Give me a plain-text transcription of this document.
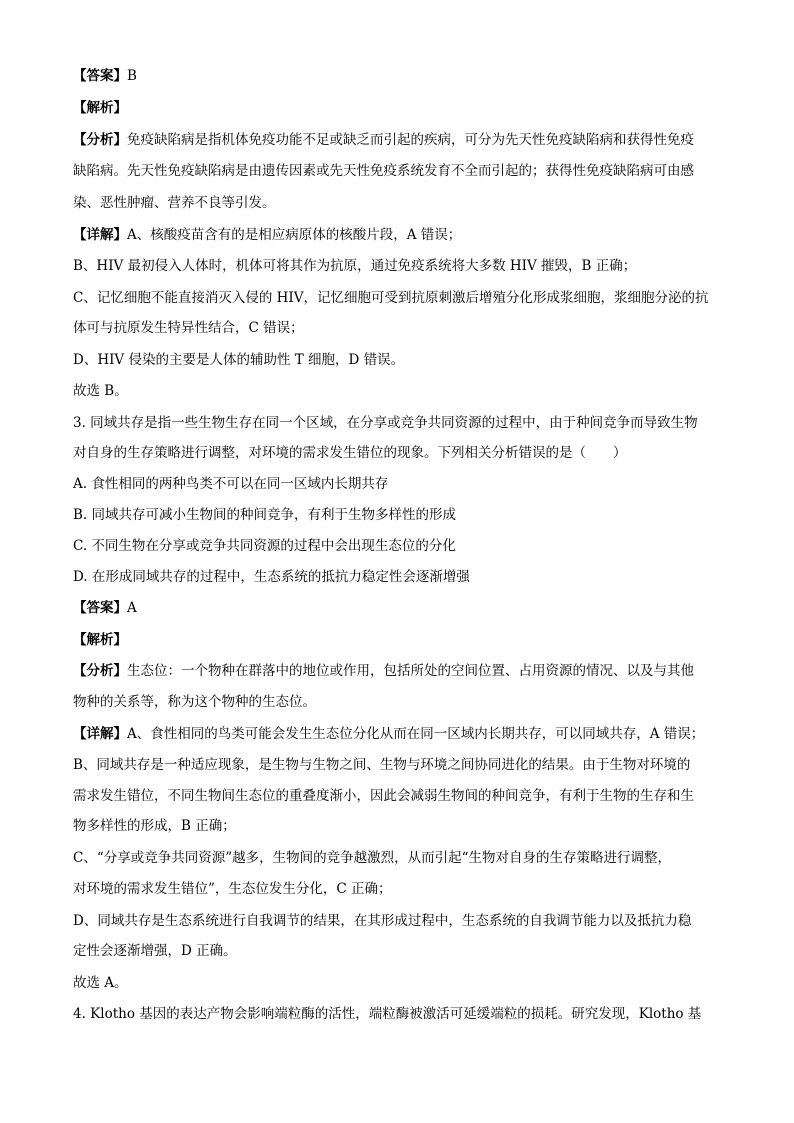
【答案】B
【解析】
【分析】免疫缺陷病是指机体免疫功能不足或缺乏而引起的疾病，可分为先天性免疫缺陷病和获得性免疫
缺陷病。先天性免疫缺陷病是由遗传因素或先天性免疫系统发育不全而引起的；获得性免疫缺陷病可由感
染、恶性肿瘤、营养不良等引发。
【详解】A、核酸疫苗含有的是相应病原体的核酸片段，A 错误；
B、HIV 最初侵入人体时，机体可将其作为抗原，通过免疫系统将大多数 HIV 摧毁，B 正确；
C、记忆细胞不能直接消灭入侵的 HIV，记忆细胞可受到抗原刺激后增殖分化形成浆细胞，浆细胞分泌的抗
体可与抗原发生特异性结合，C 错误；
D、HIV 侵染的主要是人体的辅助性 T 细胞，D 错误。
故选 B。
3. 同域共存是指一些生物生存在同一个区域，在分享或竞争共同资源的过程中，由于种间竞争而导致生物
对自身的生存策略进行调整，对环境的需求发生错位的现象。下列相关分析错误的是（　　）
A. 食性相同的两种鸟类不可以在同一区域内长期共存
B. 同域共存可减小生物间的种间竞争，有利于生物多样性的形成
C. 不同生物在分享或竞争共同资源的过程中会出现生态位的分化
D. 在形成同域共存的过程中，生态系统的抵抗力稳定性会逐渐增强
【答案】A
【解析】
【分析】生态位：一个物种在群落中的地位或作用，包括所处的空间位置、占用资源的情况、以及与其他
物种的关系等，称为这个物种的生态位。
【详解】A、食性相同的鸟类可能会发生生态位分化从而在同一区域内长期共存，可以同域共存，A 错误；
B、同域共存是一种适应现象，是生物与生物之间、生物与环境之间协同进化的结果。由于生物对环境的
需求发生错位，不同生物间生态位的重叠度渐小，因此会减弱生物间的种间竞争，有利于生物的生存和生
物多样性的形成，B 正确；
C、“分享或竞争共同资源”越多，生物间的竞争越激烈，从而引起“生物对自身的生存策略进行调整，
对环境的需求发生错位”，生态位发生分化，C 正确；
D、同域共存是生态系统进行自我调节的结果，在其形成过程中，生态系统的自我调节能力以及抵抗力稳
定性会逐渐增强，D 正确。
故选 A。
4. Klotho 基因的表达产物会影响端粒酶的活性，端粒酶被激活可延缓端粒的损耗。研究发现，Klotho 基
